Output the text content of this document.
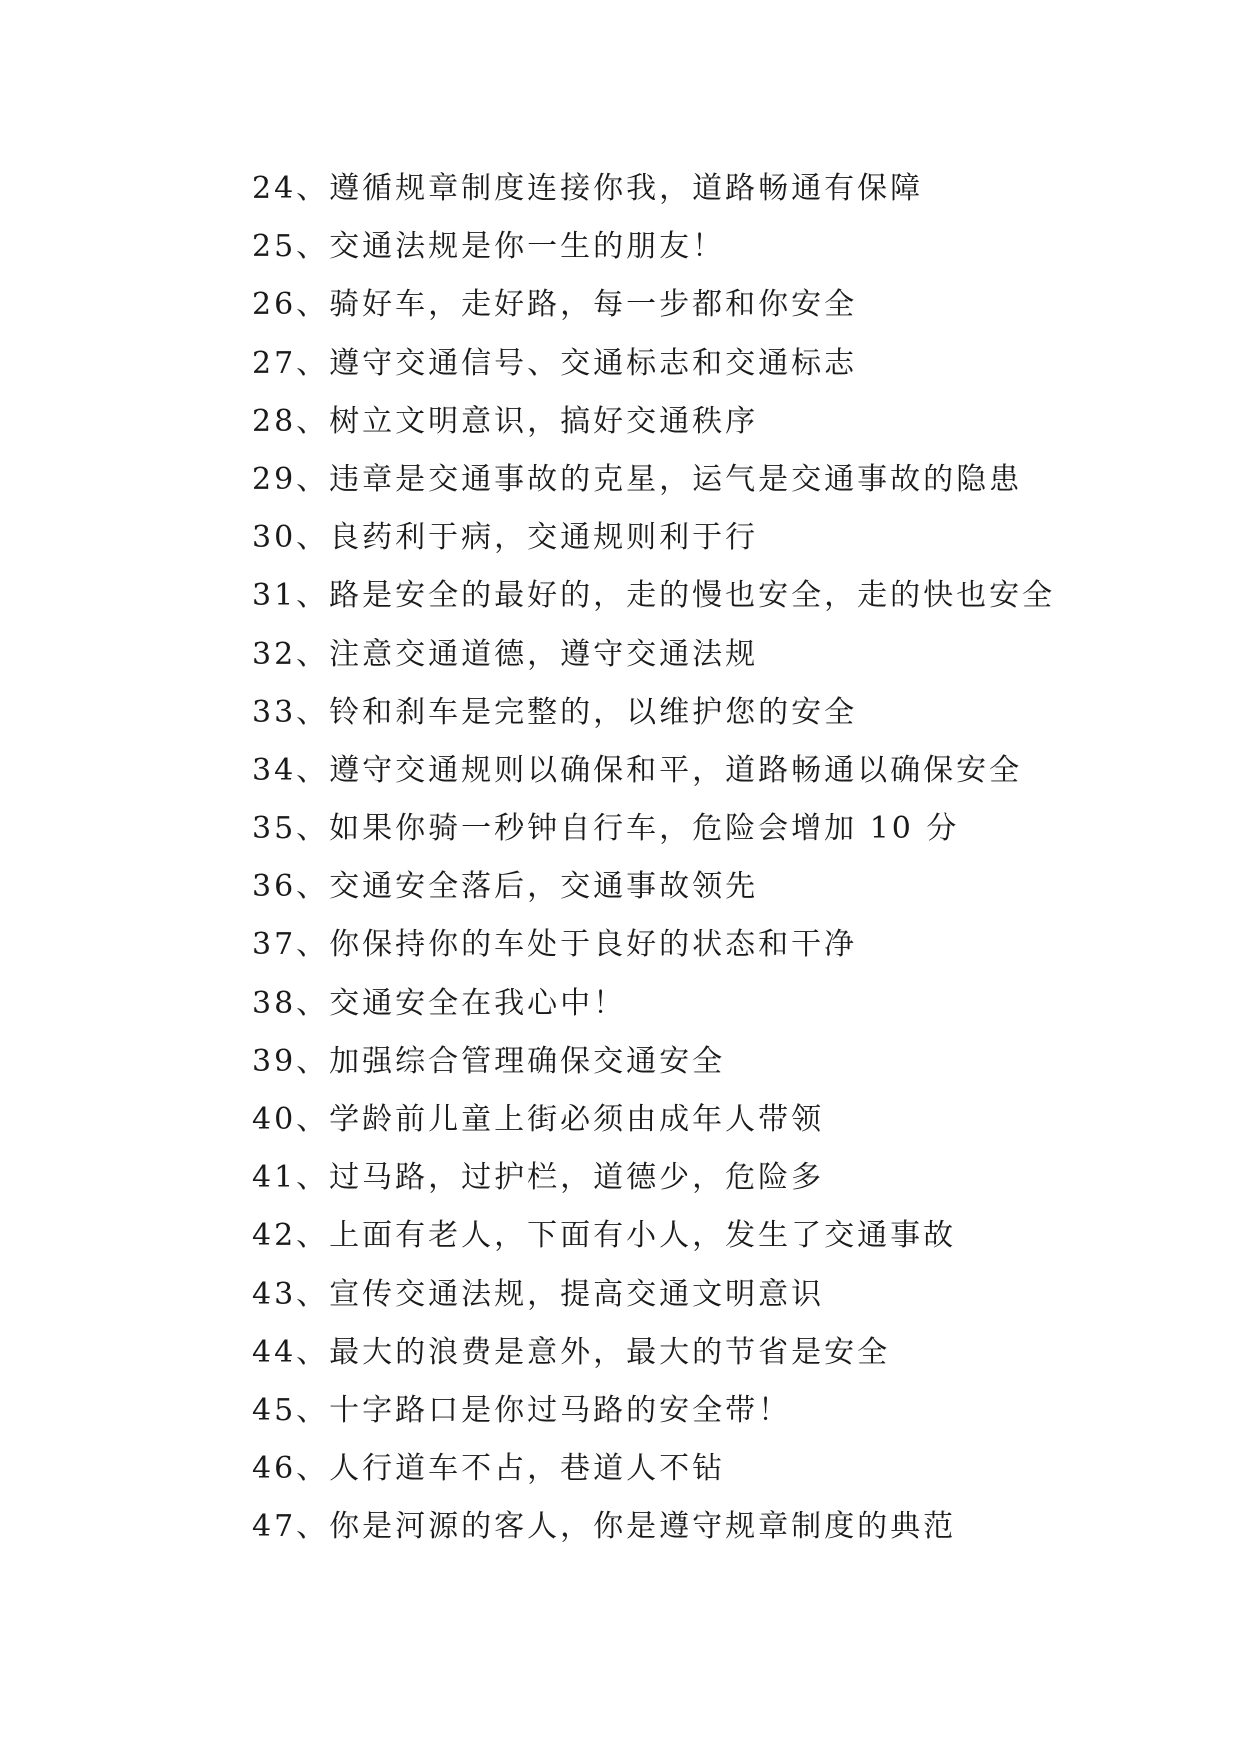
24、遵循规章制度连接你我，道路畅通有保障
25、交通法规是你一生的朋友！
26、骑好车，走好路，每一步都和你安全
27、遵守交通信号、交通标志和交通标志
28、树立文明意识，搞好交通秩序
29、违章是交通事故的克星，运气是交通事故的隐患
30、良药利于病，交通规则利于行
31、路是安全的最好的，走的慢也安全，走的快也安全
32、注意交通道德，遵守交通法规
33、铃和刹车是完整的，以维护您的安全
34、遵守交通规则以确保和平，道路畅通以确保安全
35、如果你骑一秒钟自行车，危险会增加 10 分
36、交通安全落后，交通事故领先
37、你保持你的车处于良好的状态和干净
38、交通安全在我心中！
39、加强综合管理确保交通安全
40、学龄前儿童上街必须由成年人带领
41、过马路，过护栏，道德少，危险多
42、上面有老人，下面有小人，发生了交通事故
43、宣传交通法规，提高交通文明意识
44、最大的浪费是意外，最大的节省是安全
45、十字路口是你过马路的安全带！
46、人行道车不占，巷道人不钻
47、你是河源的客人，你是遵守规章制度的典范
